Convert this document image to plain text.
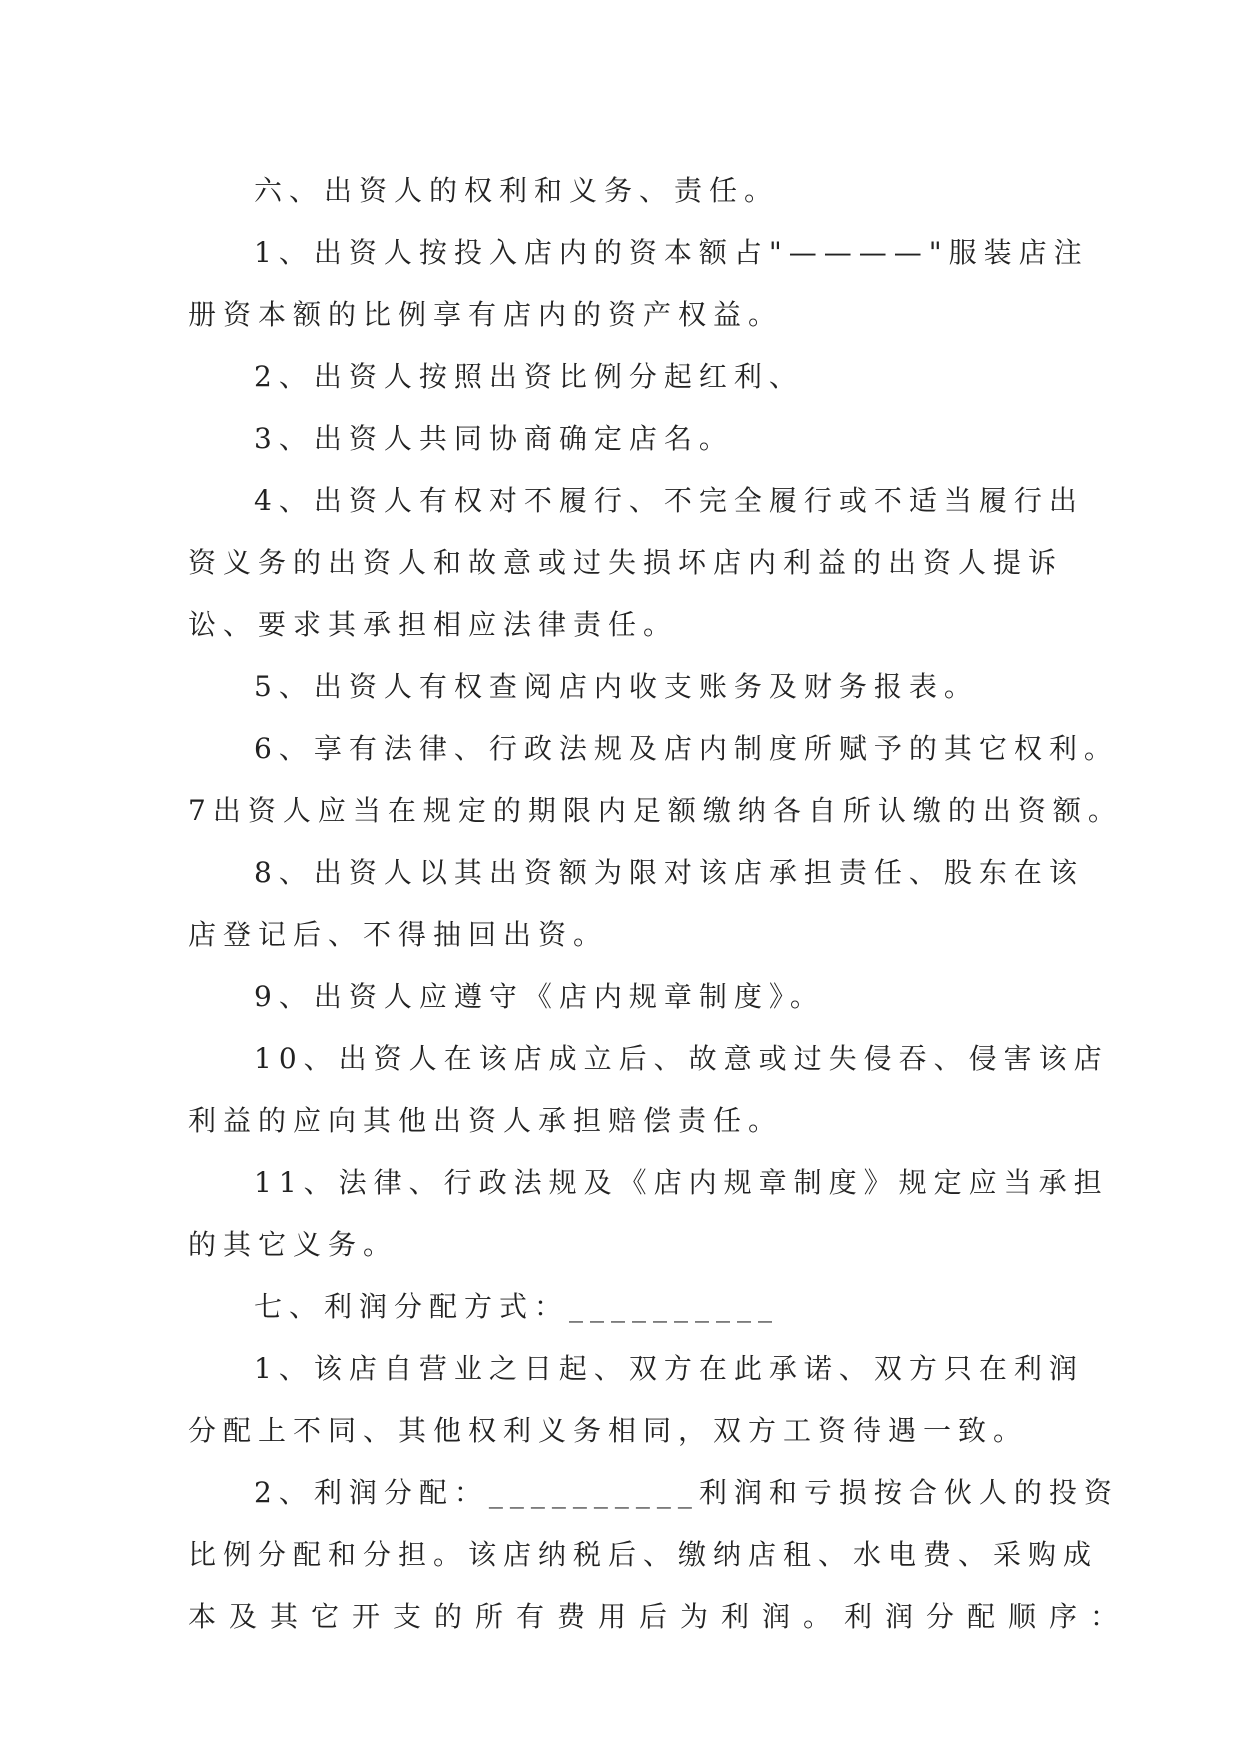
六、出资人的权利和义务、责任。
1、出资人按投入店内的资本额占"————"服装店注
册资本额的比例享有店内的资产权益。
2、出资人按照出资比例分起红利、
3、出资人共同协商确定店名。
4、出资人有权对不履行、不完全履行或不适当履行出
资义务的出资人和故意或过失损坏店内利益的出资人提诉
讼、要求其承担相应法律责任。
5、出资人有权查阅店内收支账务及财务报表。
6、享有法律、行政法规及店内制度所赋予的其它权利。
7出资人应当在规定的期限内足额缴纳各自所认缴的出资额。
8、出资人以其出资额为限对该店承担责任、股东在该
店登记后、不得抽回出资。
9、出资人应遵守《店内规章制度》。
10、出资人在该店成立后、故意或过失侵吞、侵害该店
利益的应向其他出资人承担赔偿责任。
11、法律、行政法规及《店内规章制度》规定应当承担
的其它义务。
七、利润分配方式：__________
1、该店自营业之日起、双方在此承诺、双方只在利润
分配上不同、其他权利义务相同，双方工资待遇一致。
2、利润分配：__________利润和亏损按合伙人的投资
比例分配和分担。该店纳税后、缴纳店租、水电费、采购成
本及其它开支的所有费用后为利润。利润分配顺序：
